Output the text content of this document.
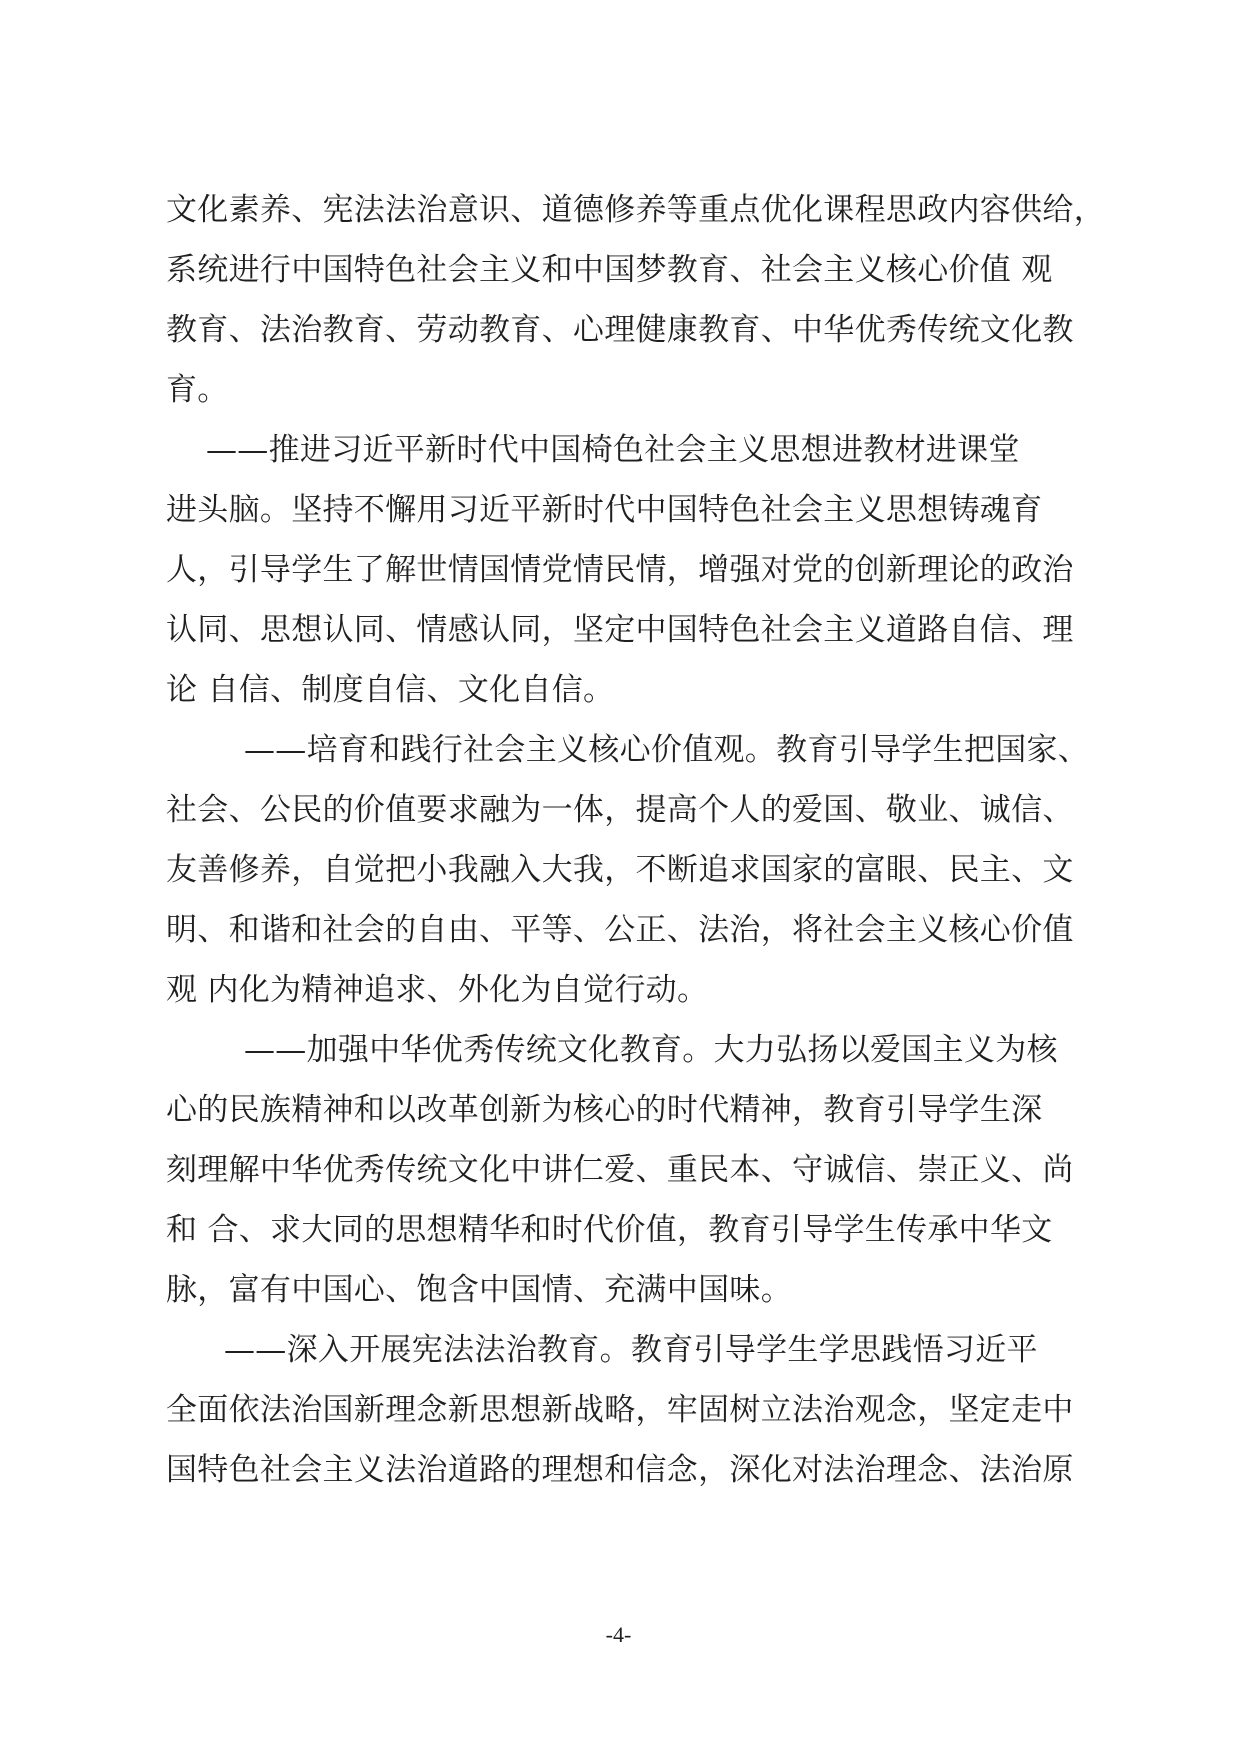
文化素养、宪法法治意识、道德修养等重点优化课程思政内容供给，
系统进行中国特色社会主义和中国梦教育、社会主义核心价值 观
教育、法治教育、劳动教育、心理健康教育、中华优秀传统文化教
育。
——推进习近平新时代中国椅色社会主义思想进教材进课堂
进头脑。坚持不懈用习近平新时代中国特色社会主义思想铸魂育
人，引导学生了解世情国情党情民情，增强对党的创新理论的政治
认同、思想认同、情感认同，坚定中国特色社会主义道路自信、理
论 自信、制度自信、文化自信。
——培育和践行社会主义核心价值观。教育引导学生把国家、
社会、公民的价值要求融为一体，提高个人的爱国、敬业、诚信、
友善修养，自觉把小我融入大我，不断追求国家的富眼、民主、文
明、和谐和社会的自由、平等、公正、法治，将社会主义核心价值
观 内化为精神追求、外化为自觉行动。
——加强中华优秀传统文化教育。大力弘扬以爱国主义为核
心的民族精神和以改革创新为核心的时代精神，教育引导学生深
刻理解中华优秀传统文化中讲仁爱、重民本、守诚信、崇正义、尚
和 合、求大同的思想精华和时代价值，教育引导学生传承中华文
脉，富有中国心、饱含中国情、充满中国味。
——深入开展宪法法治教育。教育引导学生学思践悟习近平
全面依法治国新理念新思想新战略，牢固树立法治观念，坚定走中
国特色社会主义法治道路的理想和信念，深化对法治理念、法治原
-4-
